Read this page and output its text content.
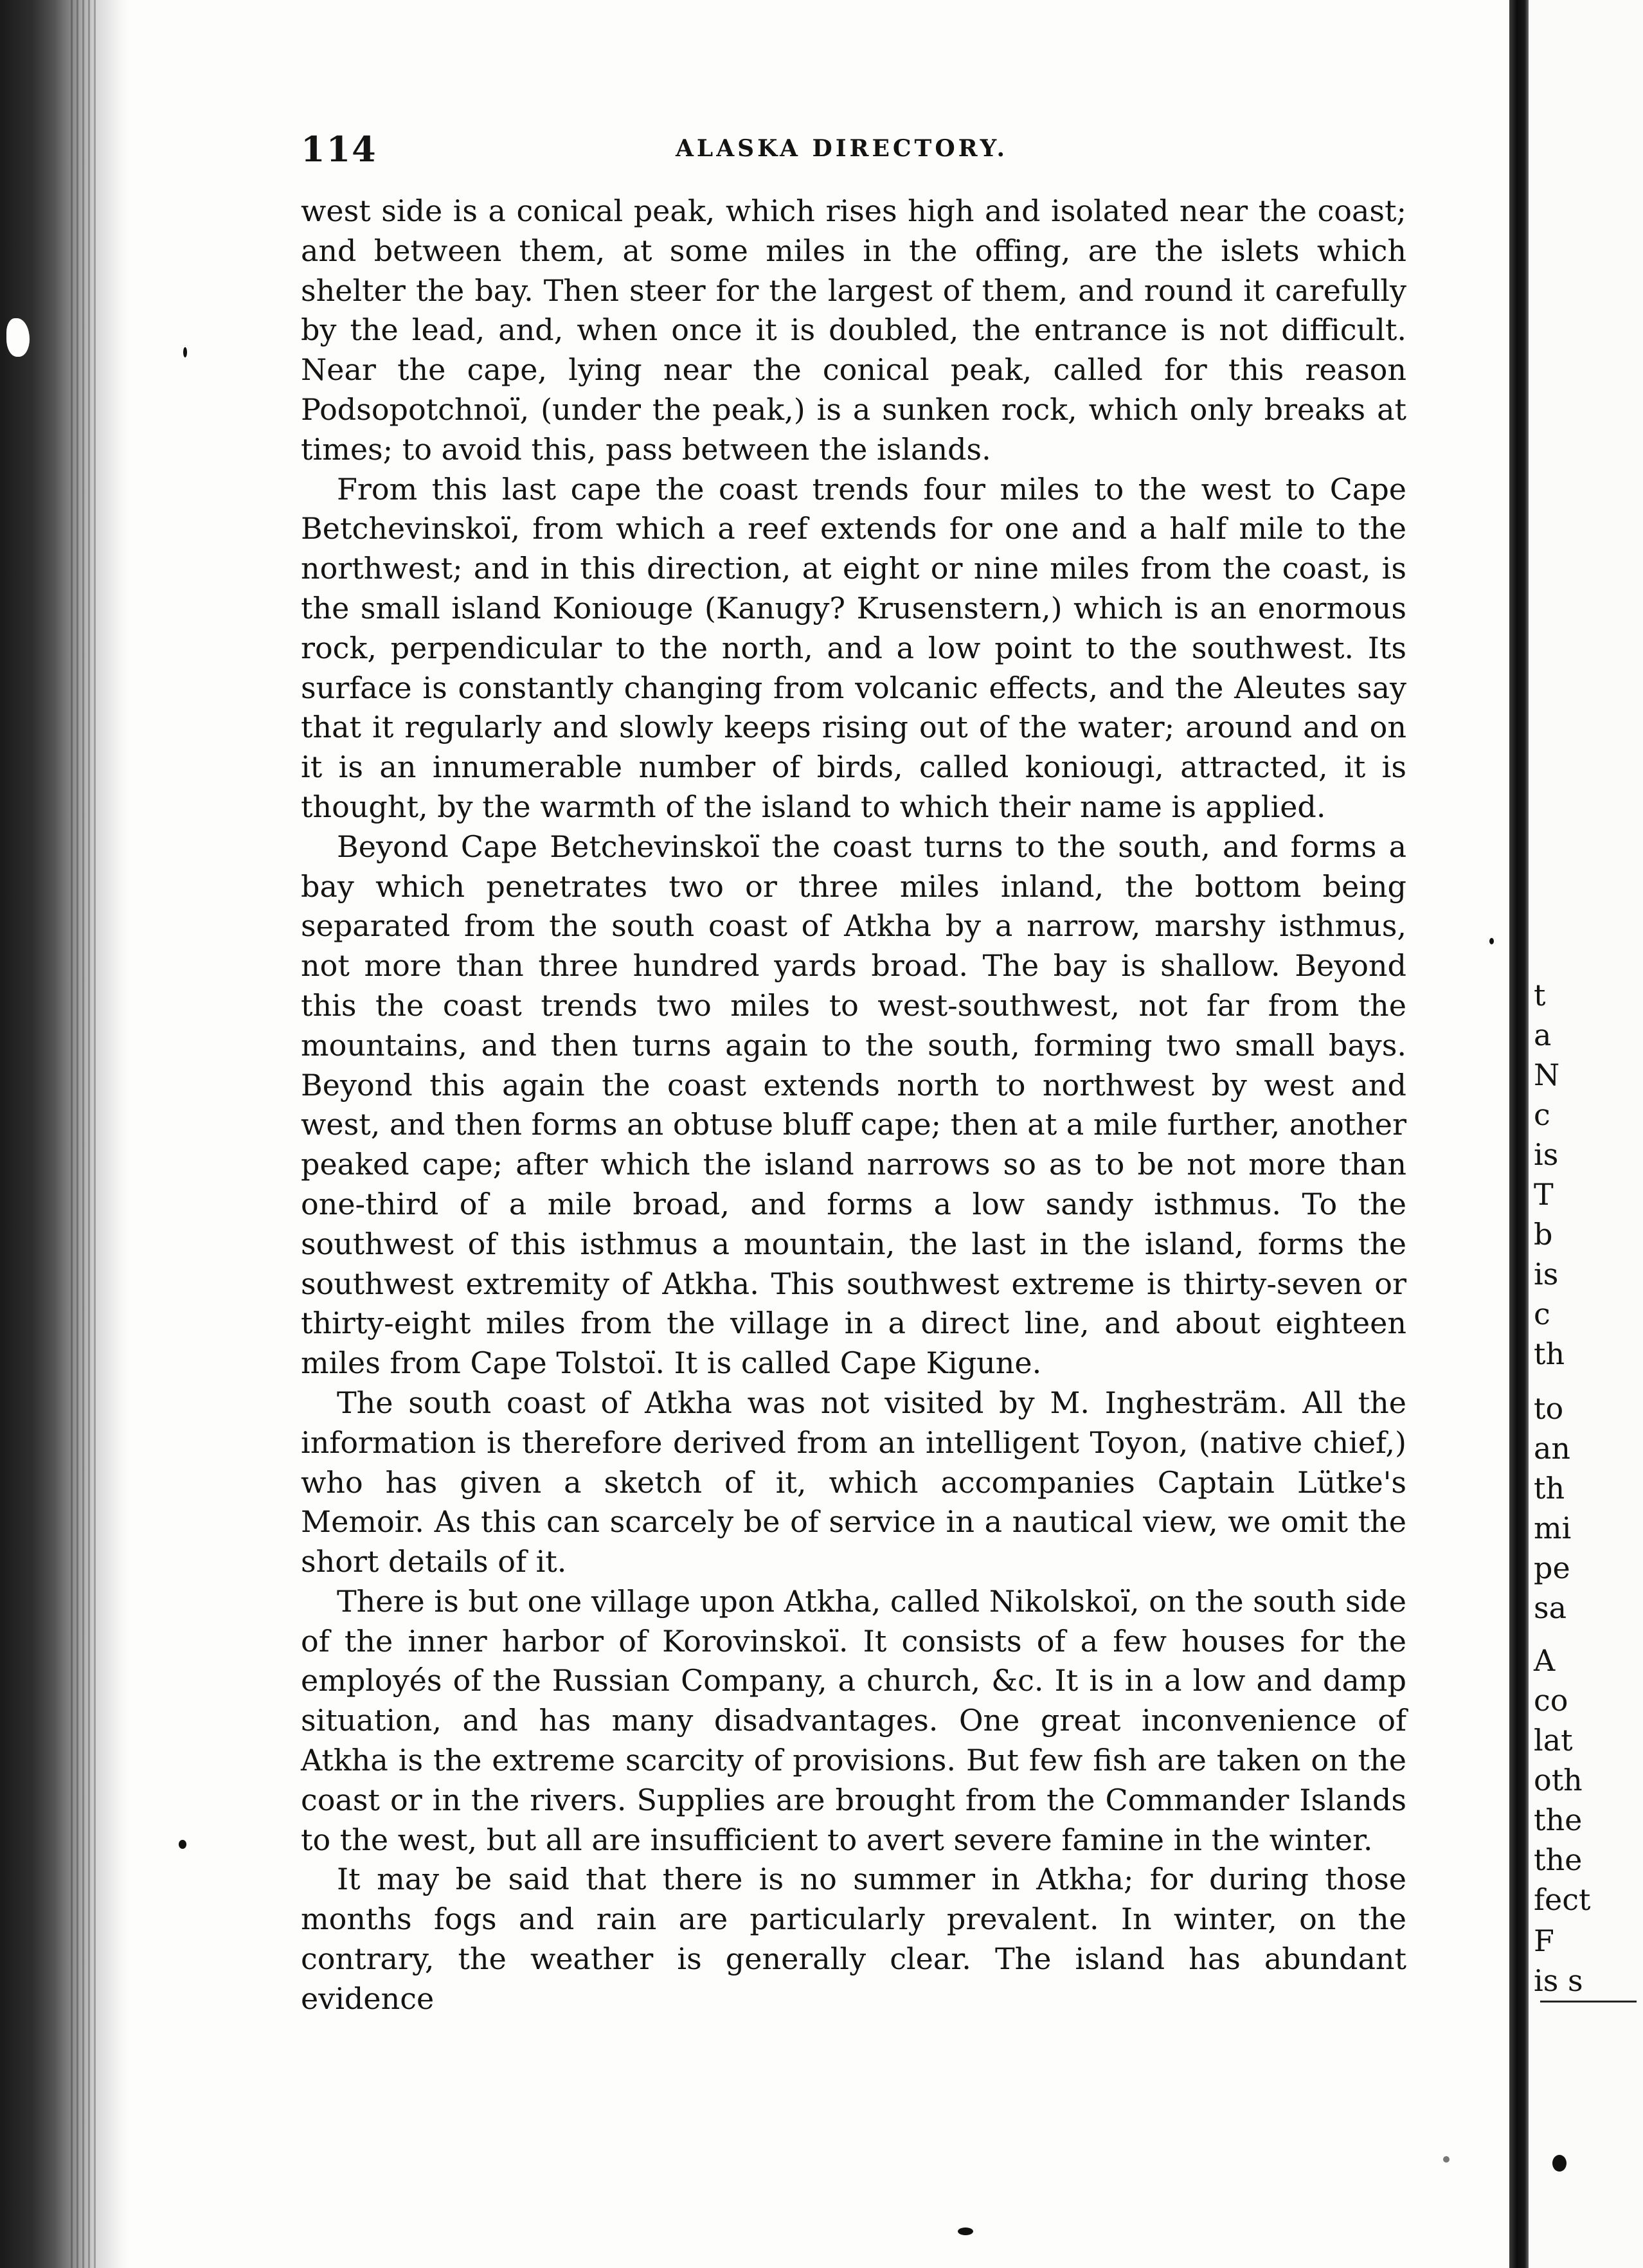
114	ALASKA DIRECTORY.

west side is a conical peak, which rises high and isolated near the coast; and between them, at some miles in the offing, are the islets which shelter the bay. Then steer for the largest of them, and round it carefully by the lead, and, when once it is doubled, the entrance is not difficult. Near the cape, lying near the conical peak, called for this reason Podsopotchnoï, (under the peak,) is a sunken rock, which only breaks at times; to avoid this, pass between the islands.

From this last cape the coast trends four miles to the west to Cape Betchevinskoï, from which a reef extends for one and a half mile to the northwest; and in this direction, at eight or nine miles from the coast, is the small island Koniouge (Kanugy? Krusenstern,) which is an enormous rock, perpendicular to the north, and a low point to the southwest. Its surface is constantly changing from volcanic effects, and the Aleutes say that it regularly and slowly keeps rising out of the water; around and on it is an innumerable number of birds, called koniougi, attracted, it is thought, by the warmth of the island to which their name is applied.

Beyond Cape Betchevinskoï the coast turns to the south, and forms a bay which penetrates two or three miles inland, the bottom being separated from the south coast of Atkha by a narrow, marshy isthmus, not more than three hundred yards broad. The bay is shallow. Beyond this the coast trends two miles to west-southwest, not far from the mountains, and then turns again to the south, forming two small bays. Beyond this again the coast extends north to northwest by west and west, and then forms an obtuse bluff cape; then at a mile further, another peaked cape; after which the island narrows so as to be not more than one-third of a mile broad, and forms a low sandy isthmus. To the southwest of this isthmus a mountain, the last in the island, forms the southwest extremity of Atkha. This southwest extreme is thirty-seven or thirty-eight miles from the village in a direct line, and about eighteen miles from Cape Tolstoï. It is called Cape Kigune.

The south coast of Atkha was not visited by M. Inghesträm. All the information is therefore derived from an intelligent Toyon, (native chief,) who has given a sketch of it, which accompanies Captain Lütke's Memoir. As this can scarcely be of service in a nautical view, we omit the short details of it.

There is but one village upon Atkha, called Nikolskoï, on the south side of the inner harbor of Korovinskoï. It consists of a few houses for the employés of the Russian Company, a church, &c. It is in a low and damp situation, and has many disadvantages. One great inconvenience of Atkha is the extreme scarcity of provisions. But few fish are taken on the coast or in the rivers. Supplies are brought from the Commander Islands to the west, but all are insufficient to avert severe famine in the winter.

It may be said that there is no summer in Atkha; for during those months fogs and rain are particularly prevalent. In winter, on the contrary, the weather is generally clear. The island has abundant evidence

t
a
N
c
is
T
b
is
c
th
to
an
th
mi
pe
sa
A
co
lat
oth
the
the
fect
F
is s
